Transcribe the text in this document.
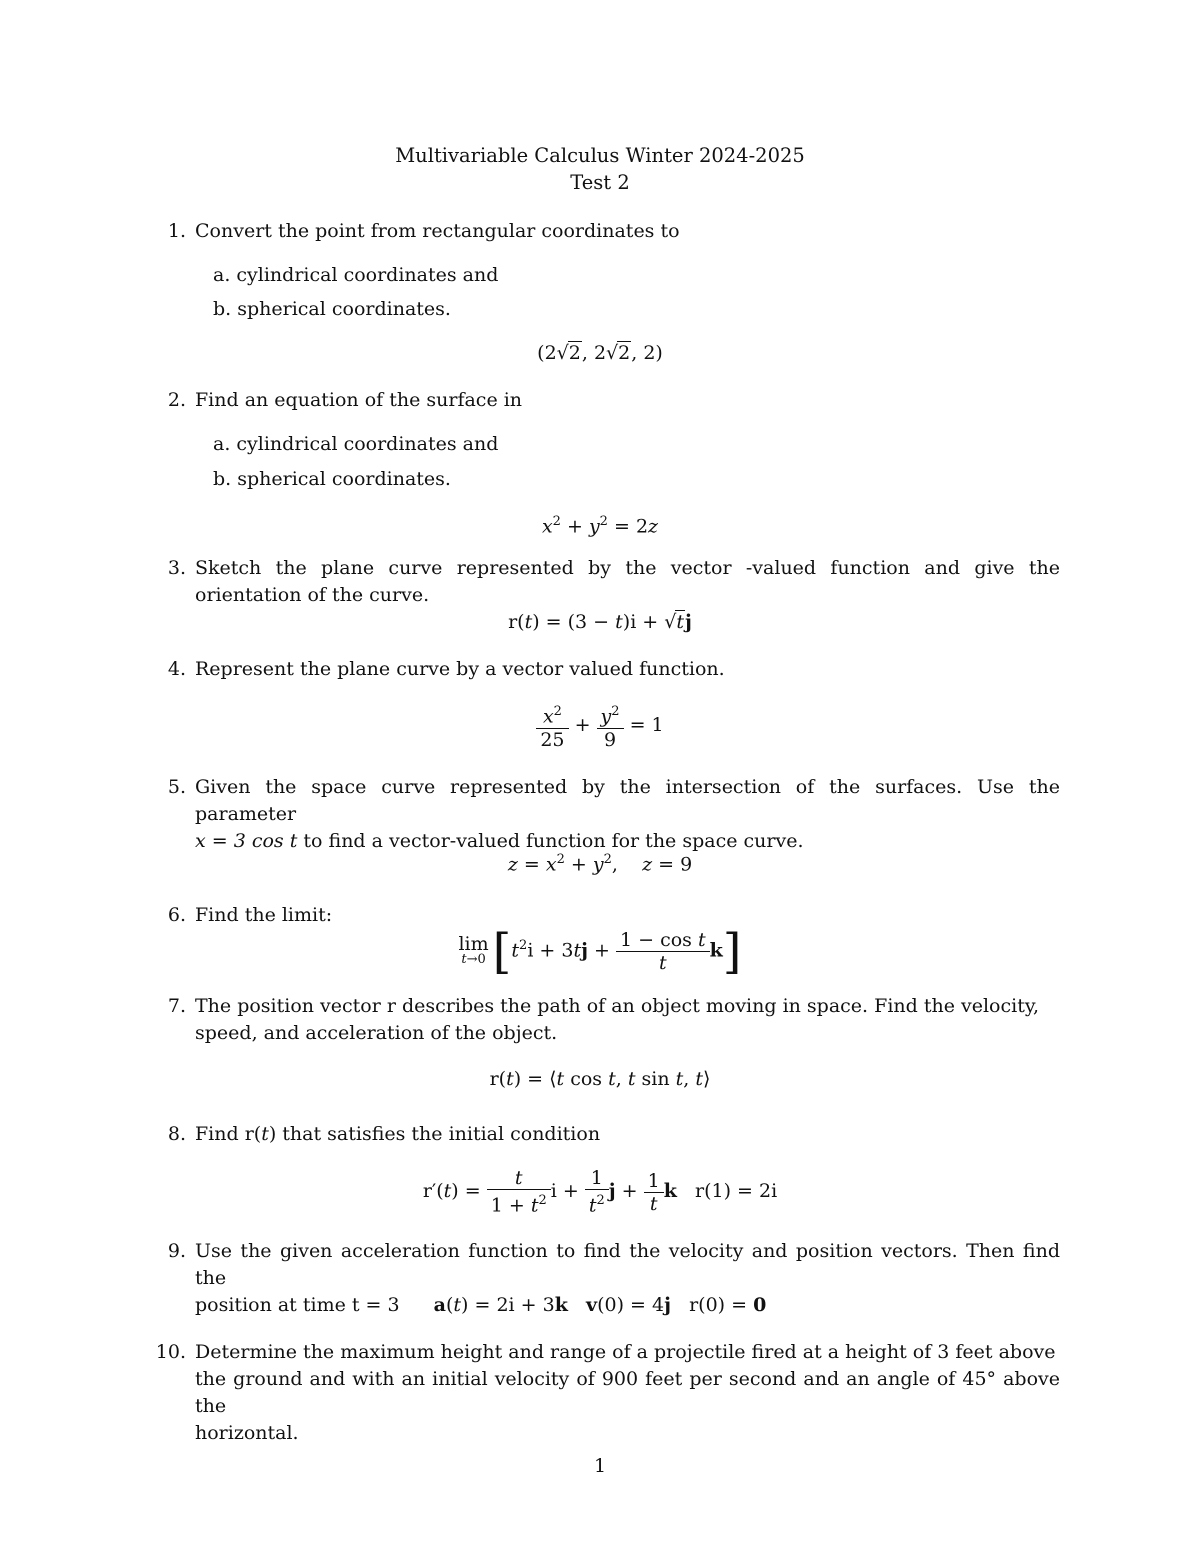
Multivariable Calculus Winter 2024-2025
Test 2
1. Convert the point from rectangular coordinates to
a. cylindrical coordinates and
b. spherical coordinates.
(2√2, 2√2, 2)
2. Find an equation of the surface in
a. cylindrical coordinates and
b. spherical coordinates.
$x^2 + y^2 = 2z$
3. Sketch the plane curve represented by the vector -valued function and give the orientation of the curve.
r(t) = (3 − t)i + √tj
4. Represent the plane curve by a vector valued function.
$\frac{x^2}{25} + \frac{y^2}{9} = 1$
5. Given the space curve represented by the intersection of the surfaces. Use the parameter
x = 3 cos t to find a vector-valued function for the space curve.
$z = x^2 + y^2$,    z = 9
6. Find the limit:
lim
t→0 $[t^2i + 3tj + \frac{\text{1 − cos t}}{t} k]$
7. The position vector r describes the path of an object moving in space. Find the velocity,
speed, and acceleration of the object.
r(t) = ⟨t cos t, t sin t, t⟩
8. Find r(t) that satisfies the initial condition
$r'(t) = \frac{t}{1 + t^2}$ $i + \frac{1}{t^2}$ $j + \frac{1}{t}$ k   r(1) = 2i
9. Use the given acceleration function to find the velocity and position vectors. Then find the
position at time t = 3	a(t) = 2i + 3k v(0) = 4j   r(0) = 0
10. Determine the maximum height and range of a projectile fired at a height of 3 feet above
the ground and with an initial velocity of 900 feet per second and an angle of 45° above the
horizontal.
1
